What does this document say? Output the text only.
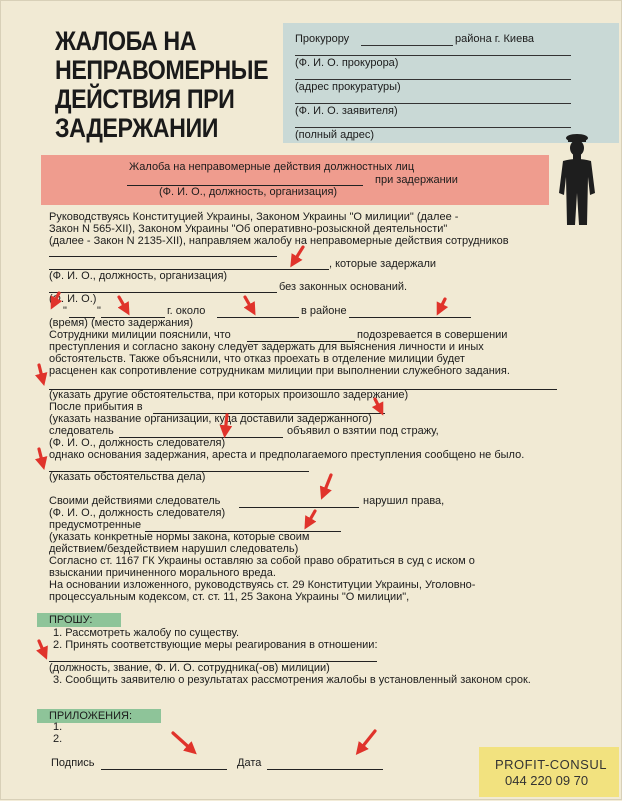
ЖАЛОБА НА
НЕПРАВОМЕРНЫЕ
ДЕЙСТВИЯ ПРИ
ЗАДЕРЖАНИИ
Прокурору	района г. Киева
(Ф. И. О. прокурора)
(адрес прокуратуры)
(Ф. И. О. заявителя)
(полный адрес)
Жалоба на неправомерные действия должностных лиц
при задержании
(Ф. И. О., должность, организация)
Руководствуясь Конституцией Украины, Законом Украины "О милиции" (далее -
Закон N 565-XII), Законом Украины "Об оперативно-розыскной деятельности"
(далее - Закон N 2135-XII), направляем жалобу на неправомерные действия сотрудников
, которые задержали
(Ф. И. О., должность, организация)
без законных оснований.
(Ф. И. О.)
"	"	г. около	в районе
(время) (место задержания)
Сотрудники милиции пояснили, что	подозревается в совершении
преступления и согласно закону следует задержать для выяснения личности и иных
обстоятельств. Также объяснили, что отказ проехать в отделение милиции будет
расценен как сопротивление сотрудникам милиции при выполнении служебного задания.
(указать другие обстоятельства, при которых произошло задержание)
После прибытия в
(указать название организации, куда доставили задержанного)
следователь	объявил о взятии под стражу,
(Ф. И. О., должность следователя)
однако основания задержания, ареста и предполагаемого преступления сообщено не было.
(указать обстоятельства дела)
Своими действиями следователь	нарушил права,
(Ф. И. О., должность следователя)
предусмотренные
(указать конкретные нормы закона, которые своим
действием/бездействием нарушил следователь)
Согласно ст. 1167 ГК Украины оставляю за собой право обратиться в суд с иском о
взыскании причиненного морального вреда.
На основании изложенного, руководствуясь ст. 29 Конституции Украины, Уголовно-
процессуальным кодексом, ст. ст. 11, 25 Закона Украины "О милиции",
ПРОШУ:
1. Рассмотреть жалобу по существу.
2. Принять соответствующие меры реагирования в отношении:
(должность, звание, Ф. И. О. сотрудника(-ов) милиции)
3. Сообщить заявителю о результатах рассмотрения жалобы в установленный законом срок.
ПРИЛОЖЕНИЯ:
1.
2.
Подпись	Дата	PROFIT-CONSUL
044 220 09 70
